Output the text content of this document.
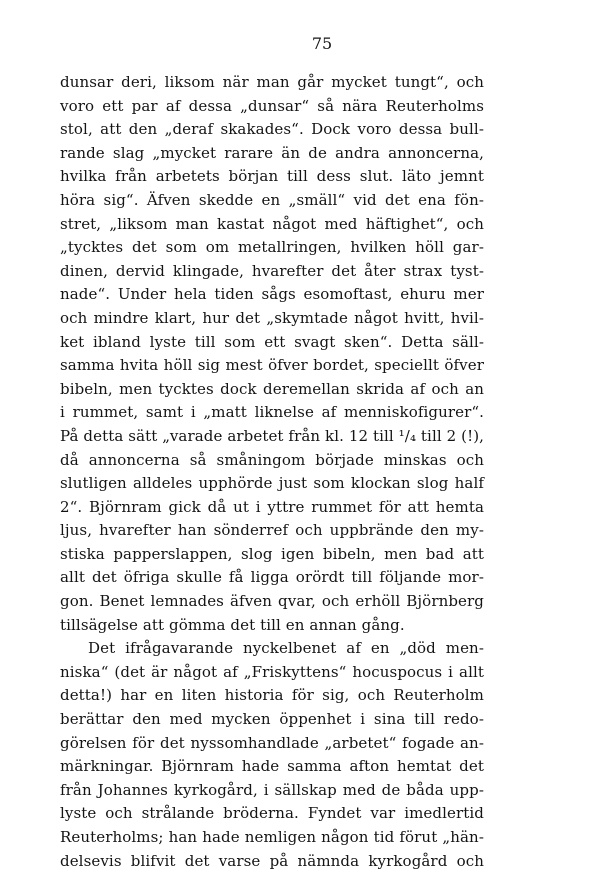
75
dunsar deri, liksom när man går mycket tungt“, och
voro ett par af dessa „dunsar“ så nära Reuterholms
stol, att den „deraf skakades“. Dock voro dessa bull-
rande slag „mycket rarare än de andra annoncerna,
hvilka från arbetets början till dess slut. läto jemnt
höra sig“. Äfven skedde en „smäll“ vid det ena fön-
stret, „liksom man kastat något med häftighet“, och
„tycktes det som om metallringen, hvilken höll gar-
dinen, dervid klingade, hvarefter det åter strax tyst-
nade“. Under hela tiden sågs esomoftast, ehuru mer
och mindre klart, hur det „skymtade något hvitt, hvil-
ket ibland lyste till som ett svagt sken“. Detta säll-
samma hvita höll sig mest öfver bordet, speciellt öfver
bibeln, men tycktes dock deremellan skrida af och an
i rummet, samt i „matt liknelse af menniskofigurer“.
På detta sätt „varade arbetet från kl. 12 till ¹/₄ till 2 (!),
då annoncerna så småningom började minskas och
slutligen alldeles upphörde just som klockan slog half
2“. Björnram gick då ut i yttre rummet för att hemta
ljus, hvarefter han sönderref och uppbrände den my-
stiska papperslappen, slog igen bibeln, men bad att
allt det öfriga skulle få ligga orördt till följande mor-
gon. Benet lemnades äfven qvar, och erhöll Björnberg
tillsägelse att gömma det till en annan gång.
Det ifrågavarande nyckelbenet af en „död men-
niska“ (det är något af „Friskyttens“ hocuspocus i allt
detta!) har en liten historia för sig, och Reuterholm
berättar den med mycken öppenhet i sina till redo-
görelsen för det nyssomhandlade „arbetet“ fogade an-
märkningar. Björnram hade samma afton hemtat det
från Johannes kyrkogård, i sällskap med de båda upp-
lyste och strålande bröderna. Fyndet var imedlertid
Reuterholms; han hade nemligen någon tid förut „hän-
delsevis blifvit det varse på nämnda kyrkogård och
